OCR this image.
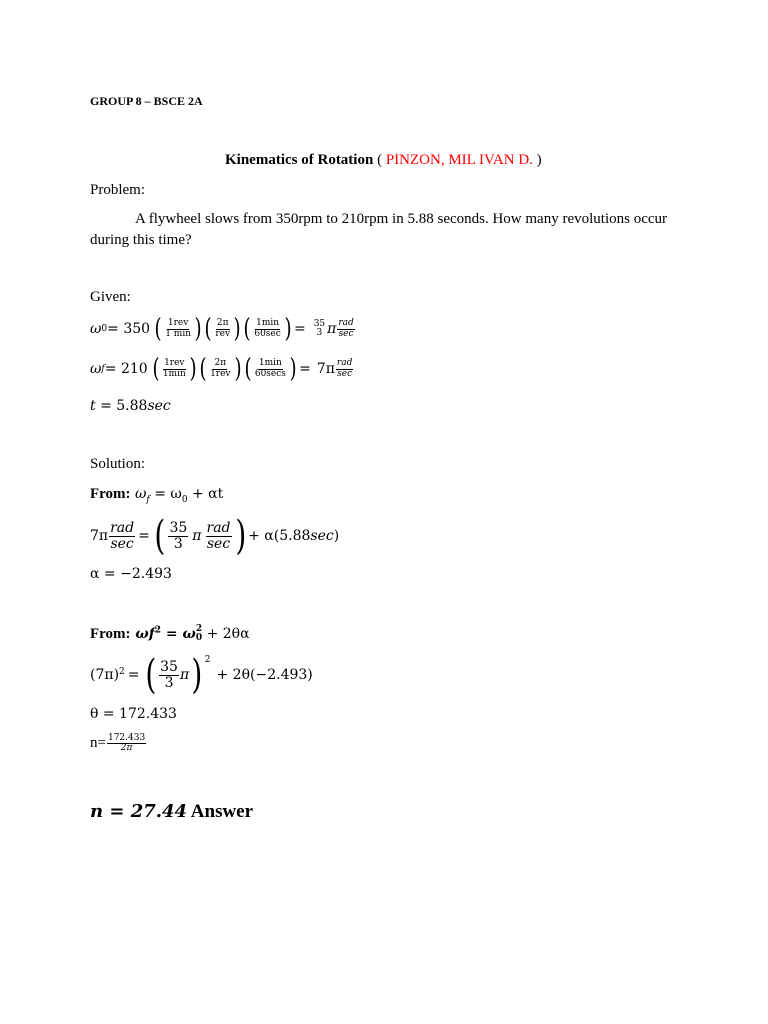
GROUP 8 – BSCE 2A
Kinematics of Rotation ( PINZON, MIL IVAN D. )
Problem:
A flywheel slows from 350rpm to 210rpm in 5.88 seconds. How many revolutions occur
during this time?
Given:
ω 0 = 350 ( $\frac{\text{1rev}}{1 \min}$ ) ( $\frac{2\pi}{\text{rev}}$ ) ( $\frac{1\min}{60\sec}$ ) = 35
3 π $\frac{\text{rad}}{\sec}$
ω f = 210 ( $\frac{\text{1rev}}{1\min}$ ) ( $\frac{2\pi}{\text{1rev}}$ ) ( $\frac{1\min}{60\sec s}$ ) = $7\pi \frac{\text{rad}}{\sec}$
t = 5.88sec
Solution:
From: $\omega_f = \omega_0 + \alpha t$
$7\pi \frac{\text{rad}}{\sec}$ = ( $\frac{35}{3}$ π $\frac{\text{rad}}{\sec}$ ) + α(5.88 sec )
α = −2.493
From: $\omega f^2 = \omega$ 2
0 + 2θα
$(7\pi)^2$ = ( $\frac{35}{3}$ π ) $^2$
+ 2θ(−2.493)
θ = 172.433
$n= \frac{172.433}{2\pi}$
n = 27.44 Answer
